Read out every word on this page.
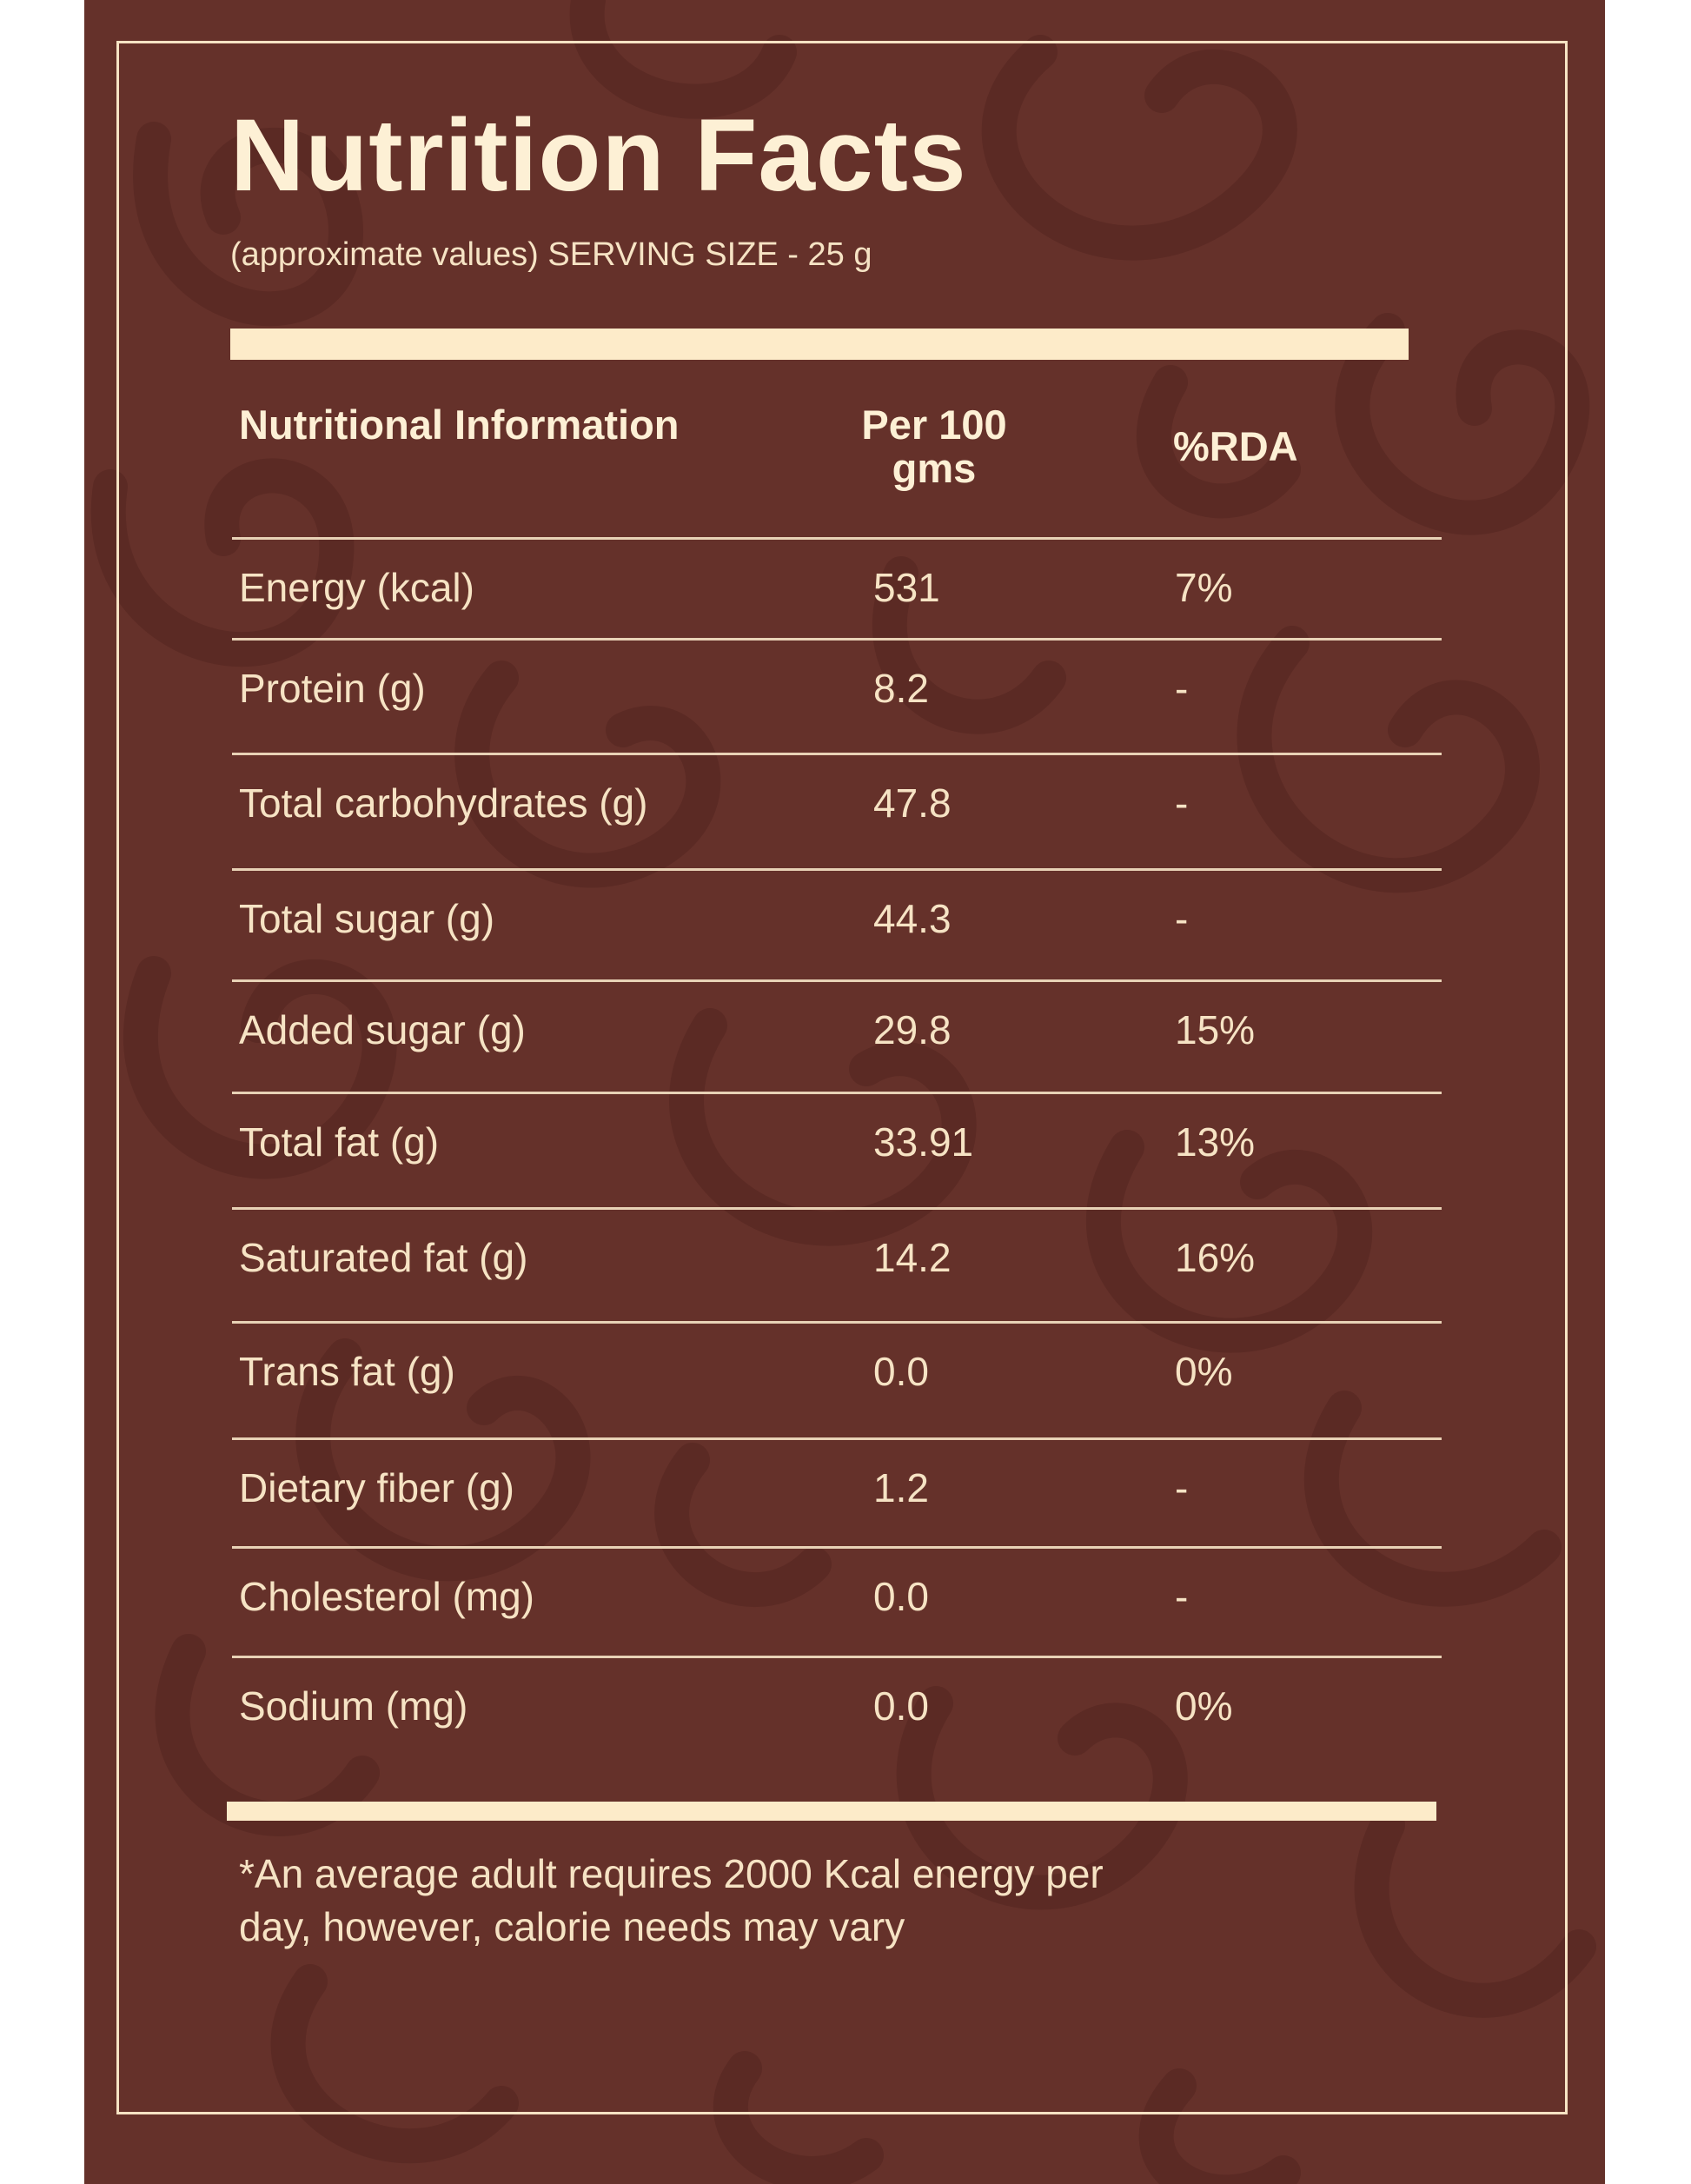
Nutrition Facts
(approximate values) SERVING SIZE - 25 g
Nutritional Information	Per 100 gms	%RDA
Energy (kcal)	531	7%
Protein (g)	8.2	-
Total carbohydrates (g)	47.8	-
Total sugar (g)	44.3	-
Added sugar (g)	29.8	15%
Total fat (g)	33.91	13%
Saturated fat (g)	14.2	16%
Trans fat (g)	0.0	0%
Dietary fiber (g)	1.2	-
Cholesterol (mg)	0.0	-
Sodium (mg)	0.0	0%
*An average adult requires 2000 Kcal energy per day, however, calorie needs may vary
